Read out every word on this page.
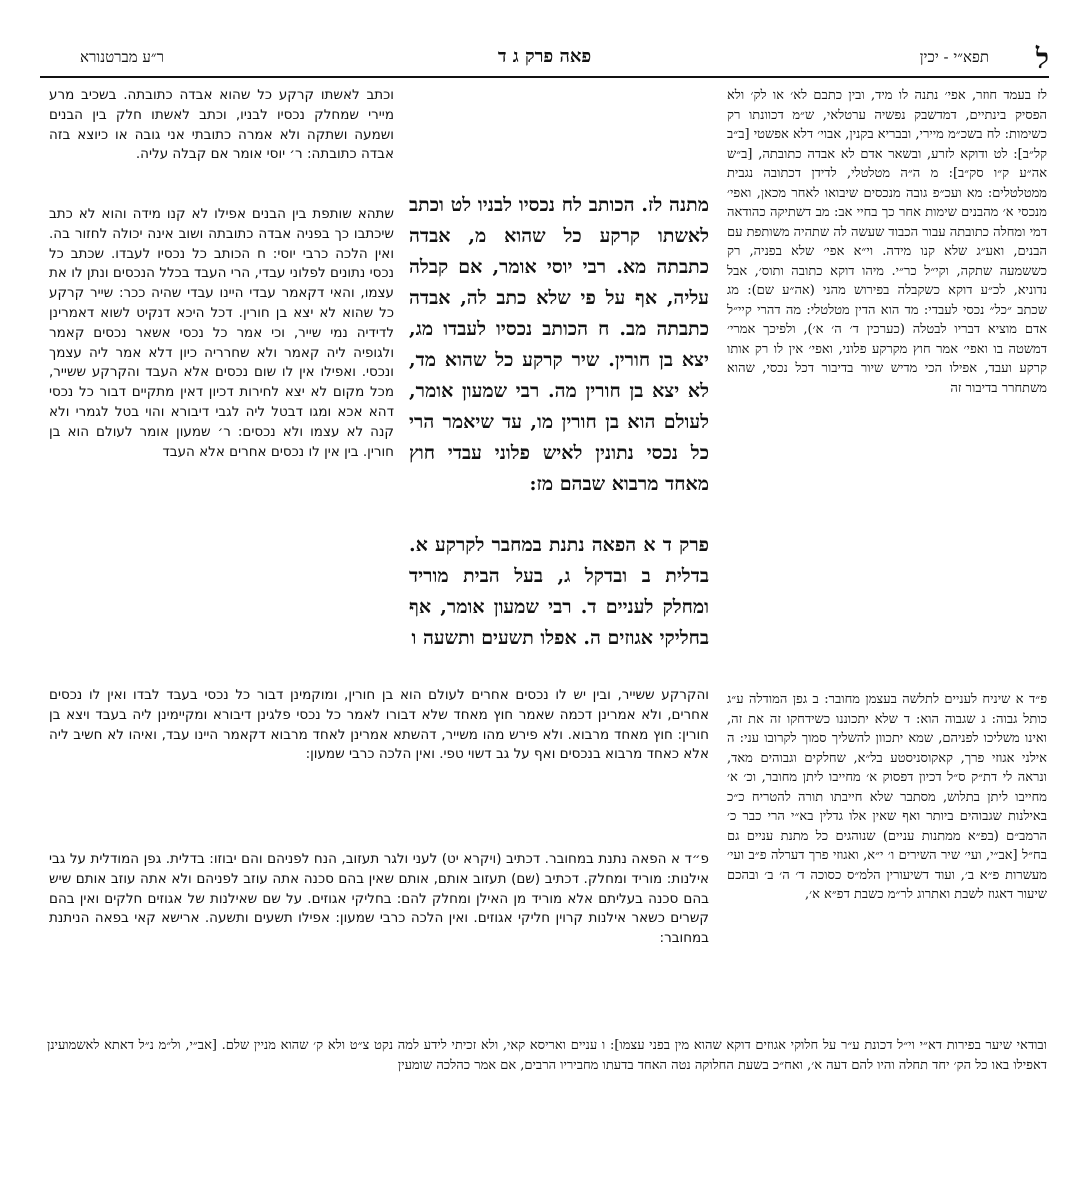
ל
תפא״י - יכין
פאה פרק ג ד
ר״ע מברטנורא
לז בעמד חוזר, אפי׳ נתנה לו מיד, ובין כתבם לא׳ או לק׳ ולא הפסיק בינתיים, דמדשבק נפשיה ערטלאי, ש״מ דכוונתו רק כשימות: לח בשכ״מ מיירי, ובבריא בקנין, אבוי׳ דלא אפשטי [ב״ב קל״ב]: לט ודוקא לזרע, ובשאר אדם לא אבדה כתובתה, [ב״ש אה״ע ק״ו סק״ב]: מ ה״ה מטלטלי, לדידן דכתובה נגבית ממטלטלים: מא ועכ״פ גובה מנכסים שיבואו לאחר מכאן, ואפי׳ מנכסי א׳ מהבנים שימות אחר כך בחיי אב: מב דשתיקה כהודאה דמי ומחלה כתובתה עבור הכבוד שעשה לה שתהיה משותפת עם הבנים, ואע״ג שלא קנו מידה. וי״א אפי׳ שלא בפניה, רק כששמעה שתקה, וקי״ל כר״י. מיהו דוקא כתובה ותוס׳, אבל נדוניא, לכ״ע דוקא כשקבלה בפירוש מהני (אה״ע שם): מג שכתב ״כל״ נכסי לעבדי: מד הוא הדין מטלטלי: מה דהרי קיי״ל אדם מוציא דבריו לבטלה (כערכין ד׳ ה׳ א׳), ולפיכך אמרי׳ דמשטה בו ואפי׳ אמר חוץ מקרקע פלוני, ואפי׳ אין לו רק אותו קרקע ועבד, אפילו הכי מדיש שיור בדיבור דכל נכסי, שהוא משתחרר בדיבור זה
וכתב לאשתו קרקע כל שהוא אבדה כתובתה. בשכיב מרע מיירי שמחלק נכסיו לבניו, וכתב לאשתו חלק בין הבנים ושמעה ושתקה ולא אמרה כתובתי אני גובה או כיוצא בזה אבדה כתובתה: ר׳ יוסי אומר אם קבלה עליה.
מתנה לז. הכותב לח נכסיו לבניו לט וכתב לאשתו קרקע כל שהוא מ, אבדה כתבתה מא. רבי יוסי אומר, אם קבלה עליה, אף על פי שלא כתב לה, אבדה כתבתה מב. ח הכותב נכסיו לעבדו מג, יצא בן חורין. שיר קרקע כל שהוא מד, לא יצא בן חורין מה. רבי שמעון אומר, לעולם הוא בן חורין מו, עד שיאמר הרי כל נכסי נתונין לאיש פלוני עבדי חוץ מאחד מרבוא שבהם מז:
שתהא שותפת בין הבנים אפילו לא קנו מידה והוא לא כתב שיכתבו כך בפניה אבדה כתובתה ושוב אינה יכולה לחזור בה. ואין הלכה כרבי יוסי: ח הכותב כל נכסיו לעבדו. שכתב כל נכסי נתונים לפלוני עבדי, הרי העבד בכלל הנכסים ונתן לו את עצמו, והאי דקאמר עבדי היינו עבדי שהיה ככר: שייר קרקע כל שהוא לא יצא בן חורין. דכל היכא דנקיט לשוא דאמרינן לדידיה נמי שייר, וכי אמר כל נכסי אשאר נכסים קאמר ולגופיה ליה קאמר ולא שחרריה כיון דלא אמר ליה עצמך ונכסי. ואפילו אין לו שום נכסים אלא העבד והקרקע ששייר, מכל מקום לא יצא לחירות דכיון דאין מתקיים דבור כל נכסי דהא אכא ומגו דבטל ליה לגבי דיבורא והוי בטל לגמרי ולא קנה לא עצמו ולא נכסים: ר׳ שמעון אומר לעולם הוא בן חורין. בין אין לו נכסים אחרים אלא העבד
פרק ד א הפאה נתנת במחבר לקרקע א. בדלית ב ובדקל ג, בעל הבית מוריד ומחלק לעניים ד. רבי שמעון אומר, אף בחליקי אגוזים ה. אפלו תשעים ותשעה ו
והקרקע ששייר, ובין יש לו נכסים אחרים לעולם הוא בן חורין, ומוקמינן דבור כל נכסי בעבד לבדו ואין לו נכסים אחרים, ולא אמרינן דכמה שאמר חוץ מאחד שלא דבורו לאמר כל נכסי פלגינן דיבורא ומקיימינן ליה בעבד ויצא בן חורין: חוץ מאחד מרבוא. ולא פירש מהו משייר, דהשתא אמרינן לאחד מרבוא דקאמר היינו עבד, ואיהו לא חשיב ליה אלא כאחד מרבוא בנכסים ואף על גב דשוי טפי. ואין הלכה כרבי שמעון:
פ״ד א שיניח לעניים לתלשה בעצמן מחובר: ב גפן המודלה ע״ג כותל גבוה: ג שגבוה הוא: ד שלא יתכוננו כשידחקו זה את זה, ואינו משליכו לפניהם, שמא יתכוון להשליך סמוך לקרובו עני: ה אילני אגוזי פרך, קאקוסניסטע בל״א, שחלקים וגבוהים מאד, ונראה לי דת״ק ס״ל דכיון דפסוק א׳ מחייבו ליתן מחובר, וכ׳ א׳ מחייבו ליתן בתלוש, מסתבר שלא חייבתו תורה להטריח כ״כ באילנות שגבוהים ביותר ואף שאין אלו גדלין בא״י הרי כבר כ׳ הרמב״ם (בפ״א ממתנות עניים) שנוהגים כל מתנת עניים גם בח״ל [אב״י, ועי׳ שיר השירים ו׳ י״א, ואגוזי פרך דערלה פ״ב ועי׳ מעשרות פ״א ב׳, ועוד דשיעורין הלמ״ס כסוכה ד׳ ה׳ ב׳ ובהכם שיעור דאגוז לשבת ואתרוג לר״מ כשבת דפ״א א׳,
פ״ד א הפאה נתנת במחובר. דכתיב (ויקרא יט) לעני ולגר תעזוב, הנח לפניהם והם יבוזו: בדלית. גפן המודלית על גבי אילנות: מוריד ומחלק. דכתיב (שם) תעזוב אותם, אותם שאין בהם סכנה אתה עוזב לפניהם ולא אתה עוזב אותם שיש בהם סכנה בעליתם אלא מוריד מן האילן ומחלק להם: בחליקי אגוזים. על שם שאילנות של אגוזים חלקים ואין בהם קשרים כשאר אילנות קרוין חליקי אגוזים. ואין הלכה כרבי שמעון: אפילו תשעים ותשעה. ארישא קאי בפאה הניתנת במחובר:
ובודאי שיער בפירות דא״י וי״ל דכונת ע״ר על חלוקי אגוזים דוקא שהוא מין בפני עצמו]: ו עניים ואריסא קאי, ולא זכיתי לידע למה נקט צ״ט ולא ק׳ שהוא מניין שלם. [אב״י, ול״מ נ״ל דאתא לאשמועינן דאפילו באו כל הק׳ יחד תחלה והיו להם דעה א׳, ואח״כ בשעת החלוקה נטה האחד בדעתו מחביריו הרבים, אם אמר כהלכה שומעין
